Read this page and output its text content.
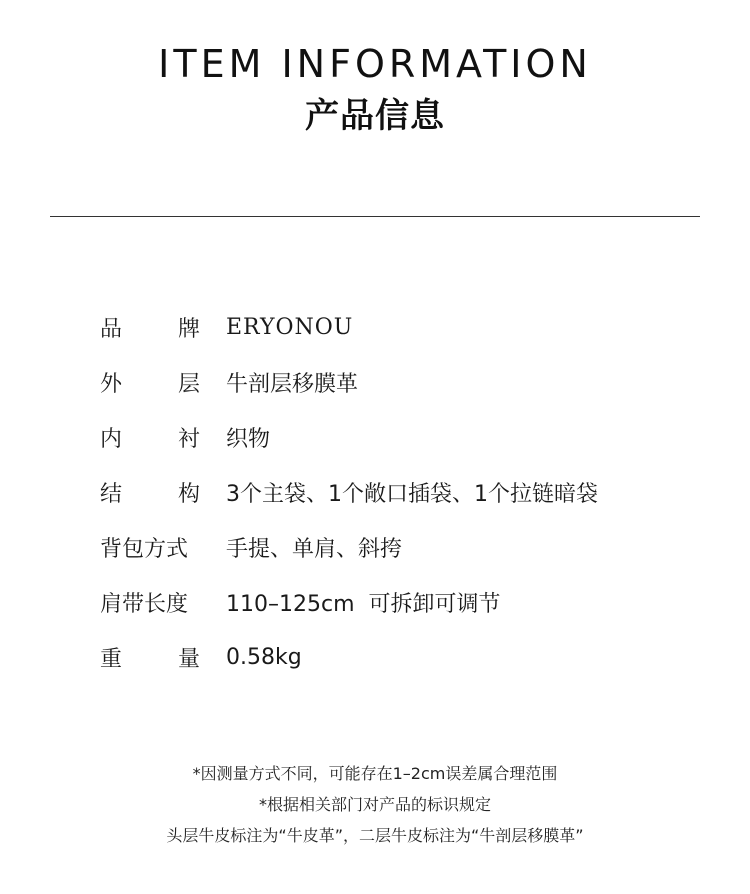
ITEM INFORMATION
产品信息
品	牌 ERYONOU
外	层 牛剖层移膜革
内	衬 织物
结	构 3个主袋、1个敞口插袋、1个拉链暗袋
背包方式	手提、单肩、斜挎
肩带长度	110–125cm  可拆卸可调节
重	量 0.58kg
*因测量方式不同，可能存在1–2cm误差属合理范围
*根据相关部门对产品的标识规定
头层牛皮标注为“牛皮革”，二层牛皮标注为“牛剖层移膜革”
